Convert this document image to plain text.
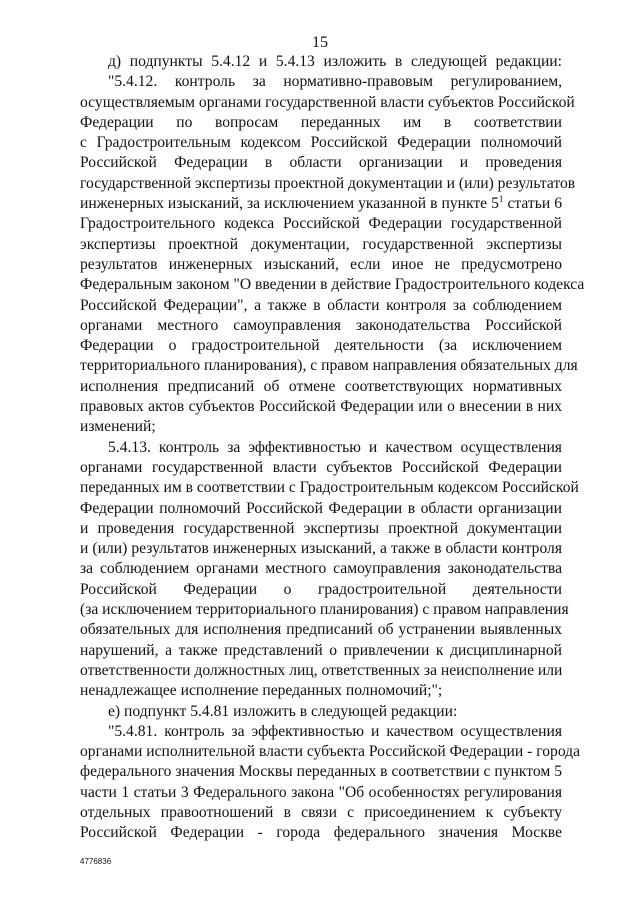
15
д) подпункты 5.4.12 и 5.4.13 изложить в следующей редакции:
"5.4.12. контроль за нормативно-правовым регулированием,
осуществляемым органами государственной власти субъектов Российской
Федерации по вопросам переданных им в соответствии
с Градостроительным кодексом Российской Федерации полномочий
Российской Федерации в области организации и проведения
государственной экспертизы проектной документации и (или) результатов
инженерных изысканий, за исключением указанной в пункте $5^1$ статьи 6
Градостроительного кодекса Российской Федерации государственной
экспертизы проектной документации, государственной экспертизы
результатов инженерных изысканий, если иное не предусмотрено
Федеральным законом "О введении в действие Градостроительного кодекса
Российской Федерации", а также в области контроля за соблюдением
органами местного самоуправления законодательства Российской
Федерации о градостроительной деятельности (за исключением
территориального планирования), с правом направления обязательных для
исполнения предписаний об отмене соответствующих нормативных
правовых актов субъектов Российской Федерации или о внесении в них
изменений;
5.4.13. контроль за эффективностью и качеством осуществления
органами государственной власти субъектов Российской Федерации
переданных им в соответствии с Градостроительным кодексом Российской
Федерации полномочий Российской Федерации в области организации
и проведения государственной экспертизы проектной документации
и (или) результатов инженерных изысканий, а также в области контроля
за соблюдением органами местного самоуправления законодательства
Российской Федерации о градостроительной деятельности
(за исключением территориального планирования) с правом направления
обязательных для исполнения предписаний об устранении выявленных
нарушений, а также представлений о привлечении к дисциплинарной
ответственности должностных лиц, ответственных за неисполнение или
ненадлежащее исполнение переданных полномочий;";
е) подпункт 5.4.81 изложить в следующей редакции:
"5.4.81. контроль за эффективностью и качеством осуществления
органами исполнительной власти субъекта Российской Федерации - города
федерального значения Москвы переданных в соответствии с пунктом 5
части 1 статьи 3 Федерального закона "Об особенностях регулирования
отдельных правоотношений в связи с присоединением к субъекту
Российской Федерации - города федерального значения Москве
4776836
